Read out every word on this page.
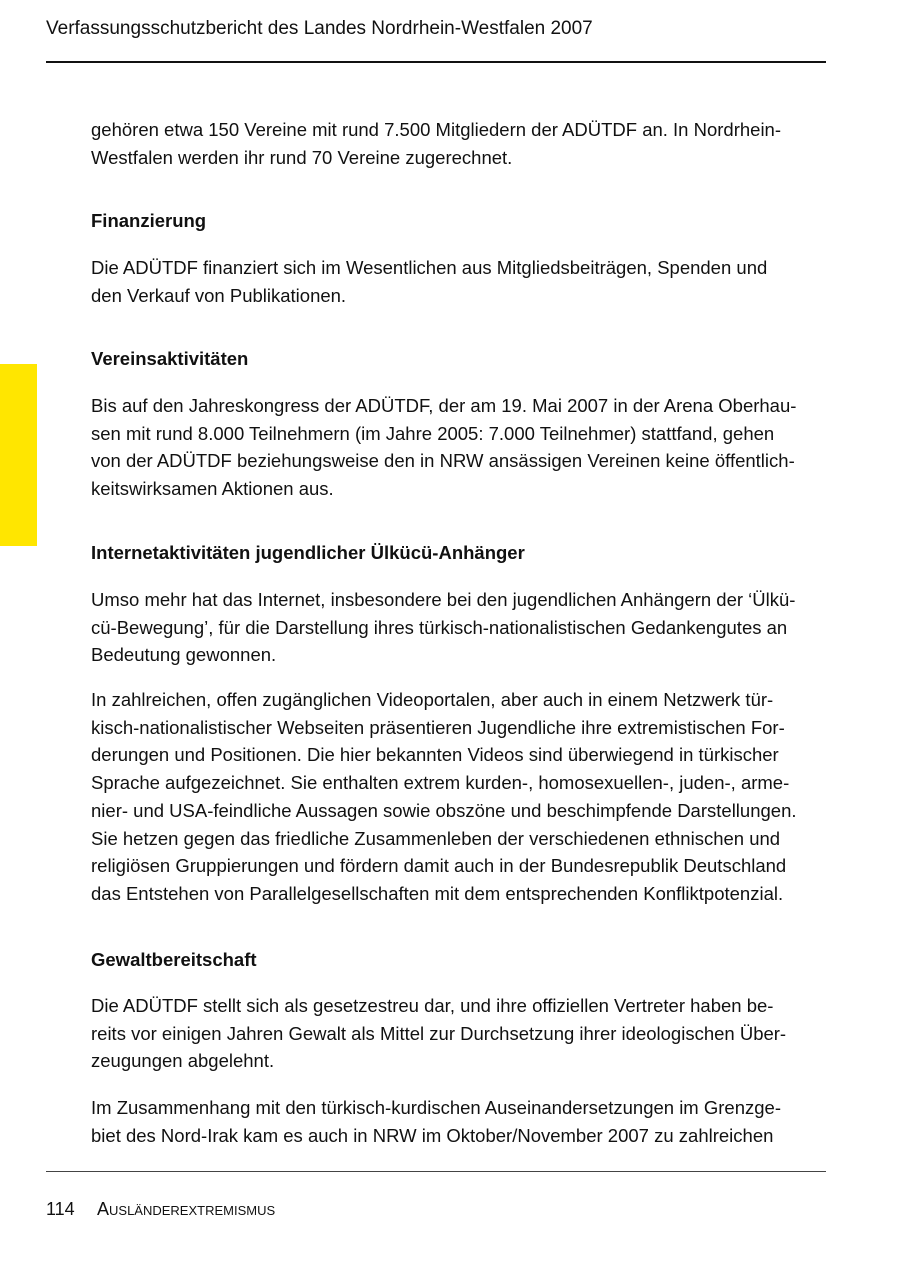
Verfassungsschutzbericht des Landes Nordrhein-Westfalen 2007
gehören etwa 150 Vereine mit rund 7.500 Mitgliedern der ADÜTDF an. In Nordrhein-
Westfalen werden ihr rund 70 Vereine zugerechnet.
Finanzierung
Die ADÜTDF finanziert sich im Wesentlichen aus Mitgliedsbeiträgen, Spenden und
den Verkauf von Publikationen.
Vereinsaktivitäten
Bis auf den Jahreskongress der ADÜTDF, der am 19. Mai 2007 in der Arena Oberhau-
sen mit rund 8.000 Teilnehmern (im Jahre 2005: 7.000 Teilnehmer) stattfand, gehen
von der ADÜTDF beziehungsweise den in NRW ansässigen Vereinen keine öffentlich-
keitswirksamen Aktionen aus.
Internetaktivitäten jugendlicher Ülkücü-Anhänger
Umso mehr hat das Internet, insbesondere bei den jugendlichen Anhängern der ‘Ülkü-
cü-Bewegung’, für die Darstellung ihres türkisch-nationalistischen Gedankengutes an
Bedeutung gewonnen.
In zahlreichen, offen zugänglichen Videoportalen, aber auch in einem Netzwerk tür-
kisch-nationalistischer Webseiten präsentieren Jugendliche ihre extremistischen For-
derungen und Positionen. Die hier bekannten Videos sind überwiegend in türkischer
Sprache aufgezeichnet. Sie enthalten extrem kurden-, homosexuellen-, juden-, arme-
nier- und USA-feindliche Aussagen sowie obszöne und beschimpfende Darstellungen.
Sie hetzen gegen das friedliche Zusammenleben der verschiedenen ethnischen und
religiösen Gruppierungen und fördern damit auch in der Bundesrepublik Deutschland
das Entstehen von Parallelgesellschaften mit dem entsprechenden Konfliktpotenzial.
Gewaltbereitschaft
Die ADÜTDF stellt sich als gesetzestreu dar, und ihre offiziellen Vertreter haben be-
reits vor einigen Jahren Gewalt als Mittel zur Durchsetzung ihrer ideologischen Über-
zeugungen abgelehnt.
Im Zusammenhang mit den türkisch-kurdischen Auseinandersetzungen im Grenzge-
biet des Nord-Irak kam es auch in NRW im Oktober/November 2007 zu zahlreichen
114 Ausländerextremismus
